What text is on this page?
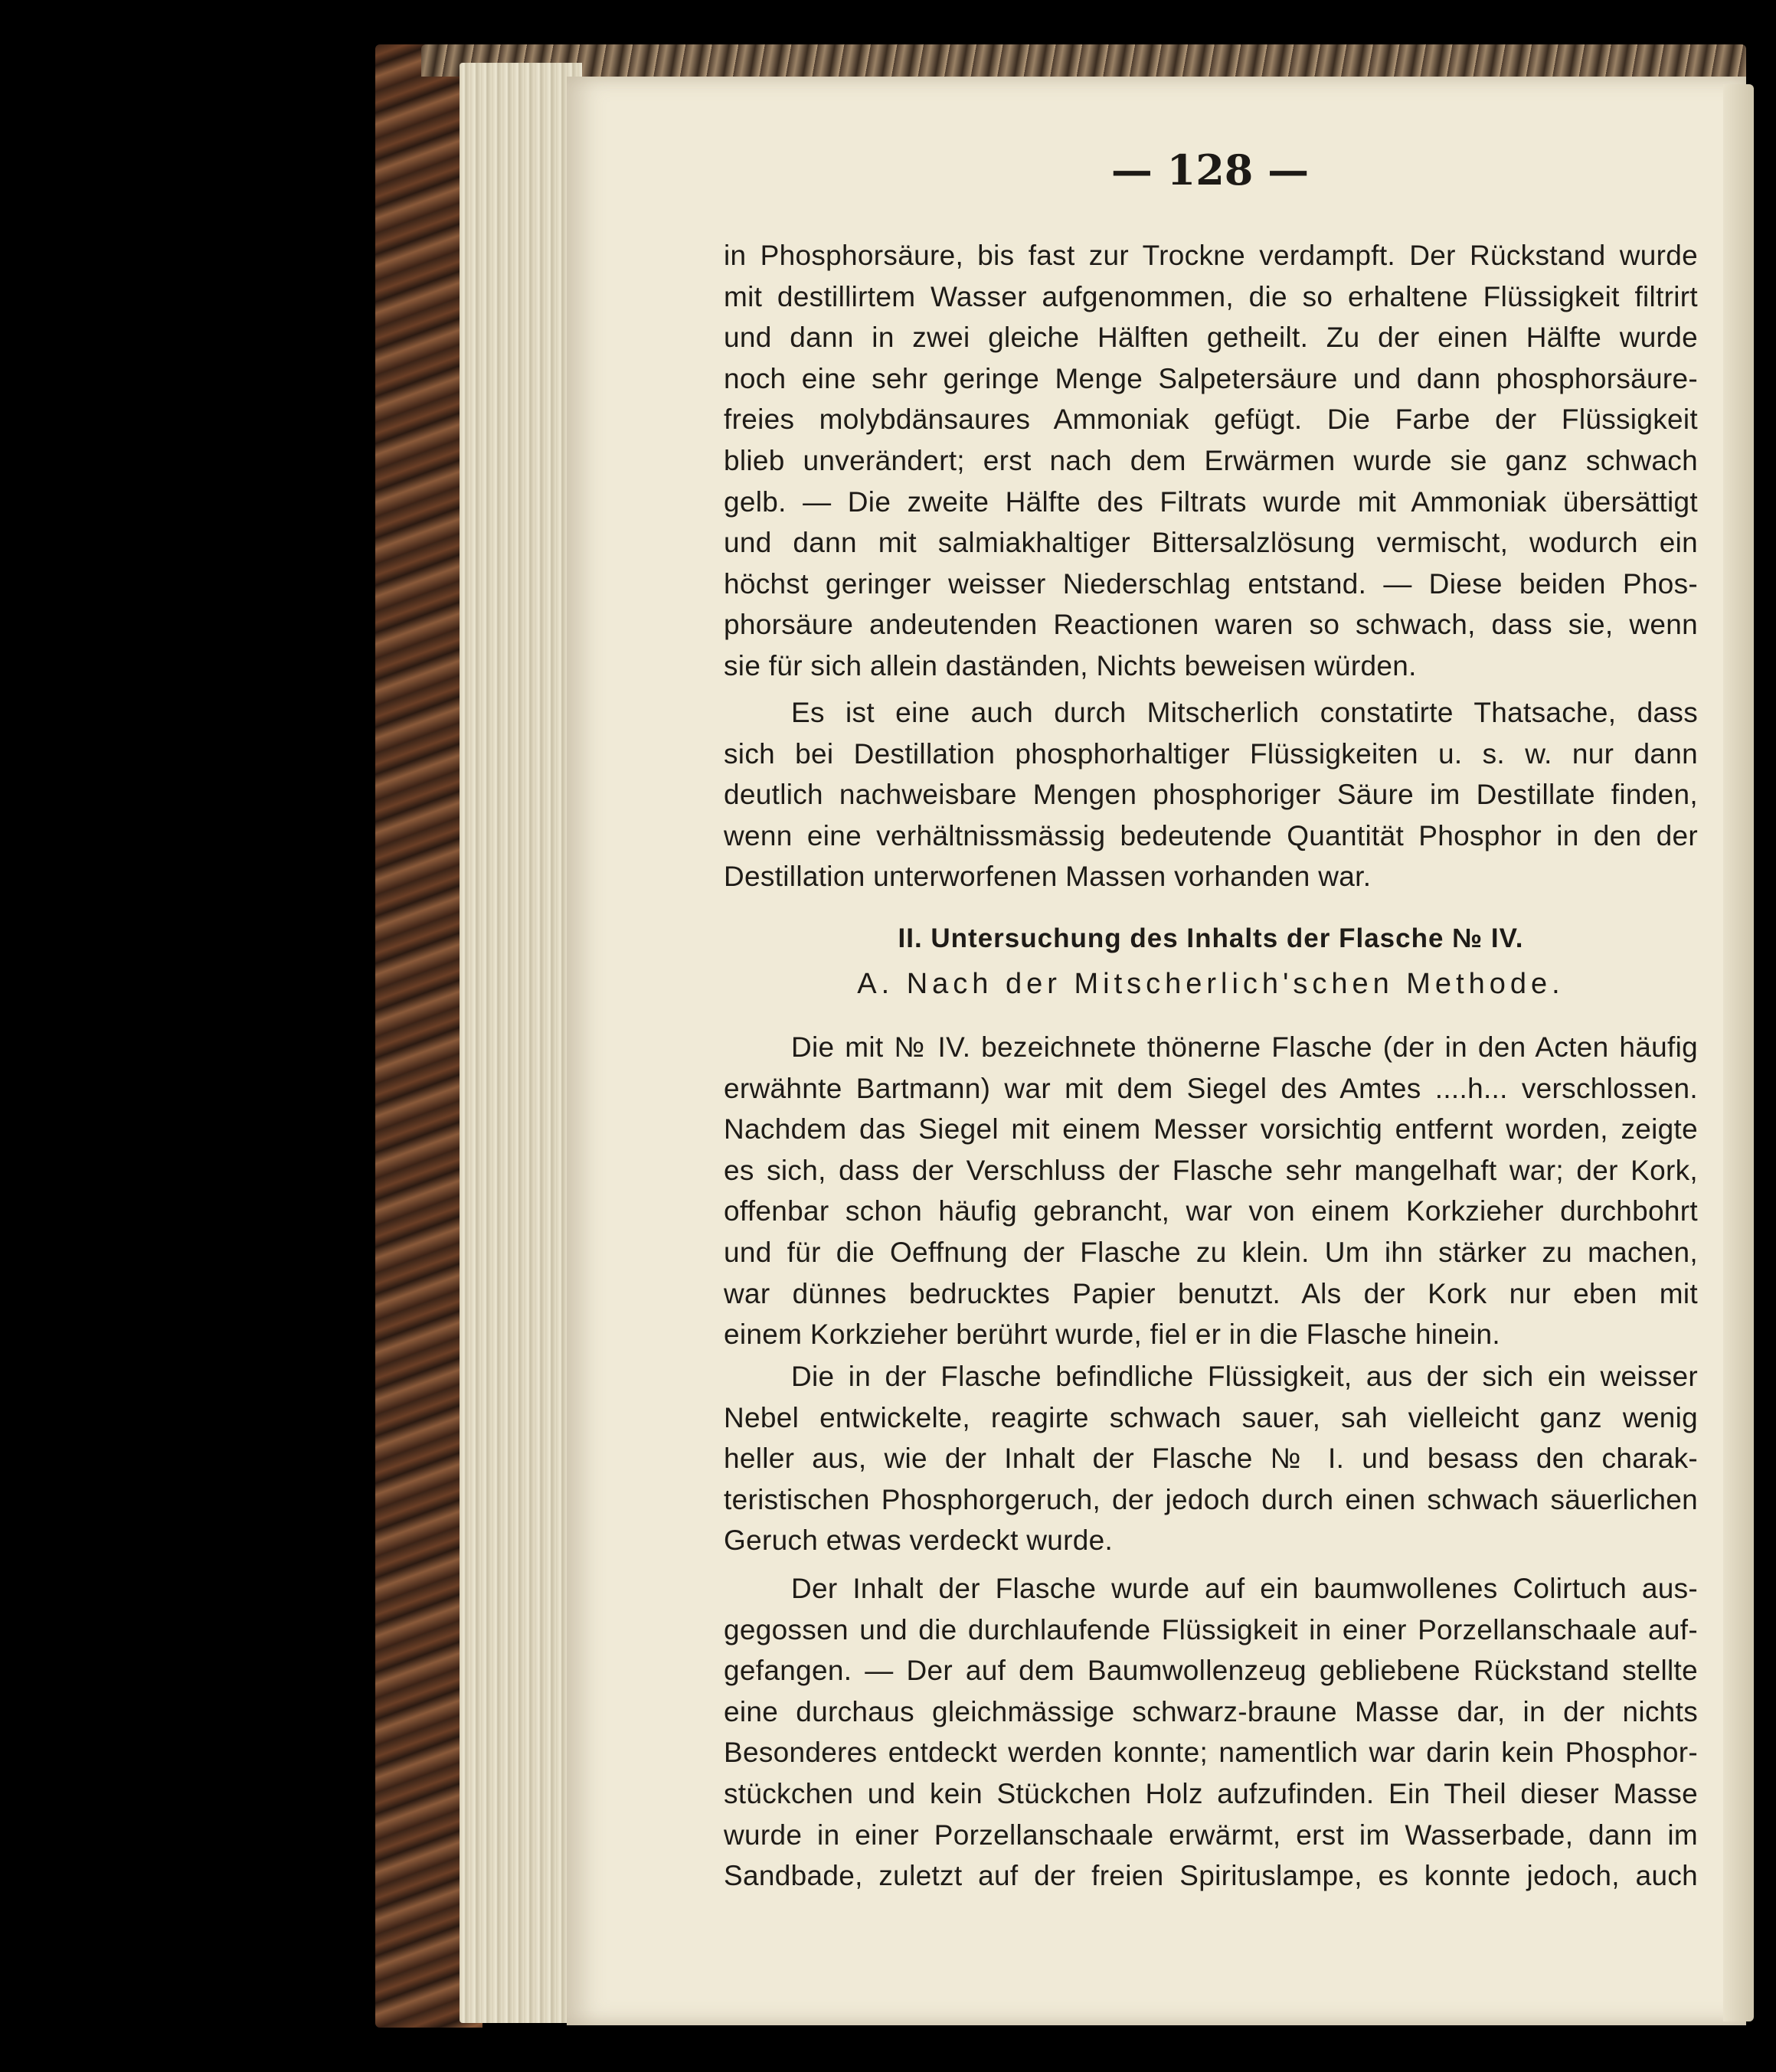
— 128 —
in Phosphorsäure, bis fast zur Trockne verdampft. Der Rückstand wurde
mit destillirtem Wasser aufgenommen, die so erhaltene Flüssigkeit filtrirt
und dann in zwei gleiche Hälften getheilt. Zu der einen Hälfte wurde
noch eine sehr geringe Menge Salpetersäure und dann phosphorsäure-
freies molybdänsaures Ammoniak gefügt. Die Farbe der Flüssigkeit
blieb unverändert; erst nach dem Erwärmen wurde sie ganz schwach
gelb. — Die zweite Hälfte des Filtrats wurde mit Ammoniak übersättigt
und dann mit salmiakhaltiger Bittersalzlösung vermischt, wodurch ein
höchst geringer weisser Niederschlag entstand. — Diese beiden Phos-
phorsäure andeutenden Reactionen waren so schwach, dass sie, wenn
sie für sich allein daständen, Nichts beweisen würden.
Es ist eine auch durch Mitscherlich constatirte Thatsache, dass
sich bei Destillation phosphorhaltiger Flüssigkeiten u. s. w. nur dann
deutlich nachweisbare Mengen phosphoriger Säure im Destillate finden,
wenn eine verhältnissmässig bedeutende Quantität Phosphor in den der
Destillation unterworfenen Massen vorhanden war.
II. Untersuchung des Inhalts der Flasche № IV.
A. Nach der Mitscherlich'schen Methode.
Die mit № IV. bezeichnete thönerne Flasche (der in den Acten häufig
erwähnte Bartmann) war mit dem Siegel des Amtes ....h... verschlossen.
Nachdem das Siegel mit einem Messer vorsichtig entfernt worden, zeigte
es sich, dass der Verschluss der Flasche sehr mangelhaft war; der Kork,
offenbar schon häufig gebrancht, war von einem Korkzieher durchbohrt
und für die Oeffnung der Flasche zu klein. Um ihn stärker zu machen,
war dünnes bedrucktes Papier benutzt. Als der Kork nur eben mit
einem Korkzieher berührt wurde, fiel er in die Flasche hinein.
Die in der Flasche befindliche Flüssigkeit, aus der sich ein weisser
Nebel entwickelte, reagirte schwach sauer, sah vielleicht ganz wenig
heller aus, wie der Inhalt der Flasche № I. und besass den charak-
teristischen Phosphorgeruch, der jedoch durch einen schwach säuerlichen
Geruch etwas verdeckt wurde.
Der Inhalt der Flasche wurde auf ein baumwollenes Colirtuch aus-
gegossen und die durchlaufende Flüssigkeit in einer Porzellanschaale auf-
gefangen. — Der auf dem Baumwollenzeug gebliebene Rückstand stellte
eine durchaus gleichmässige schwarz-braune Masse dar, in der nichts
Besonderes entdeckt werden konnte; namentlich war darin kein Phosphor-
stückchen und kein Stückchen Holz aufzufinden. Ein Theil dieser Masse
wurde in einer Porzellanschaale erwärmt, erst im Wasserbade, dann im
Sandbade, zuletzt auf der freien Spirituslampe, es konnte jedoch, auch
